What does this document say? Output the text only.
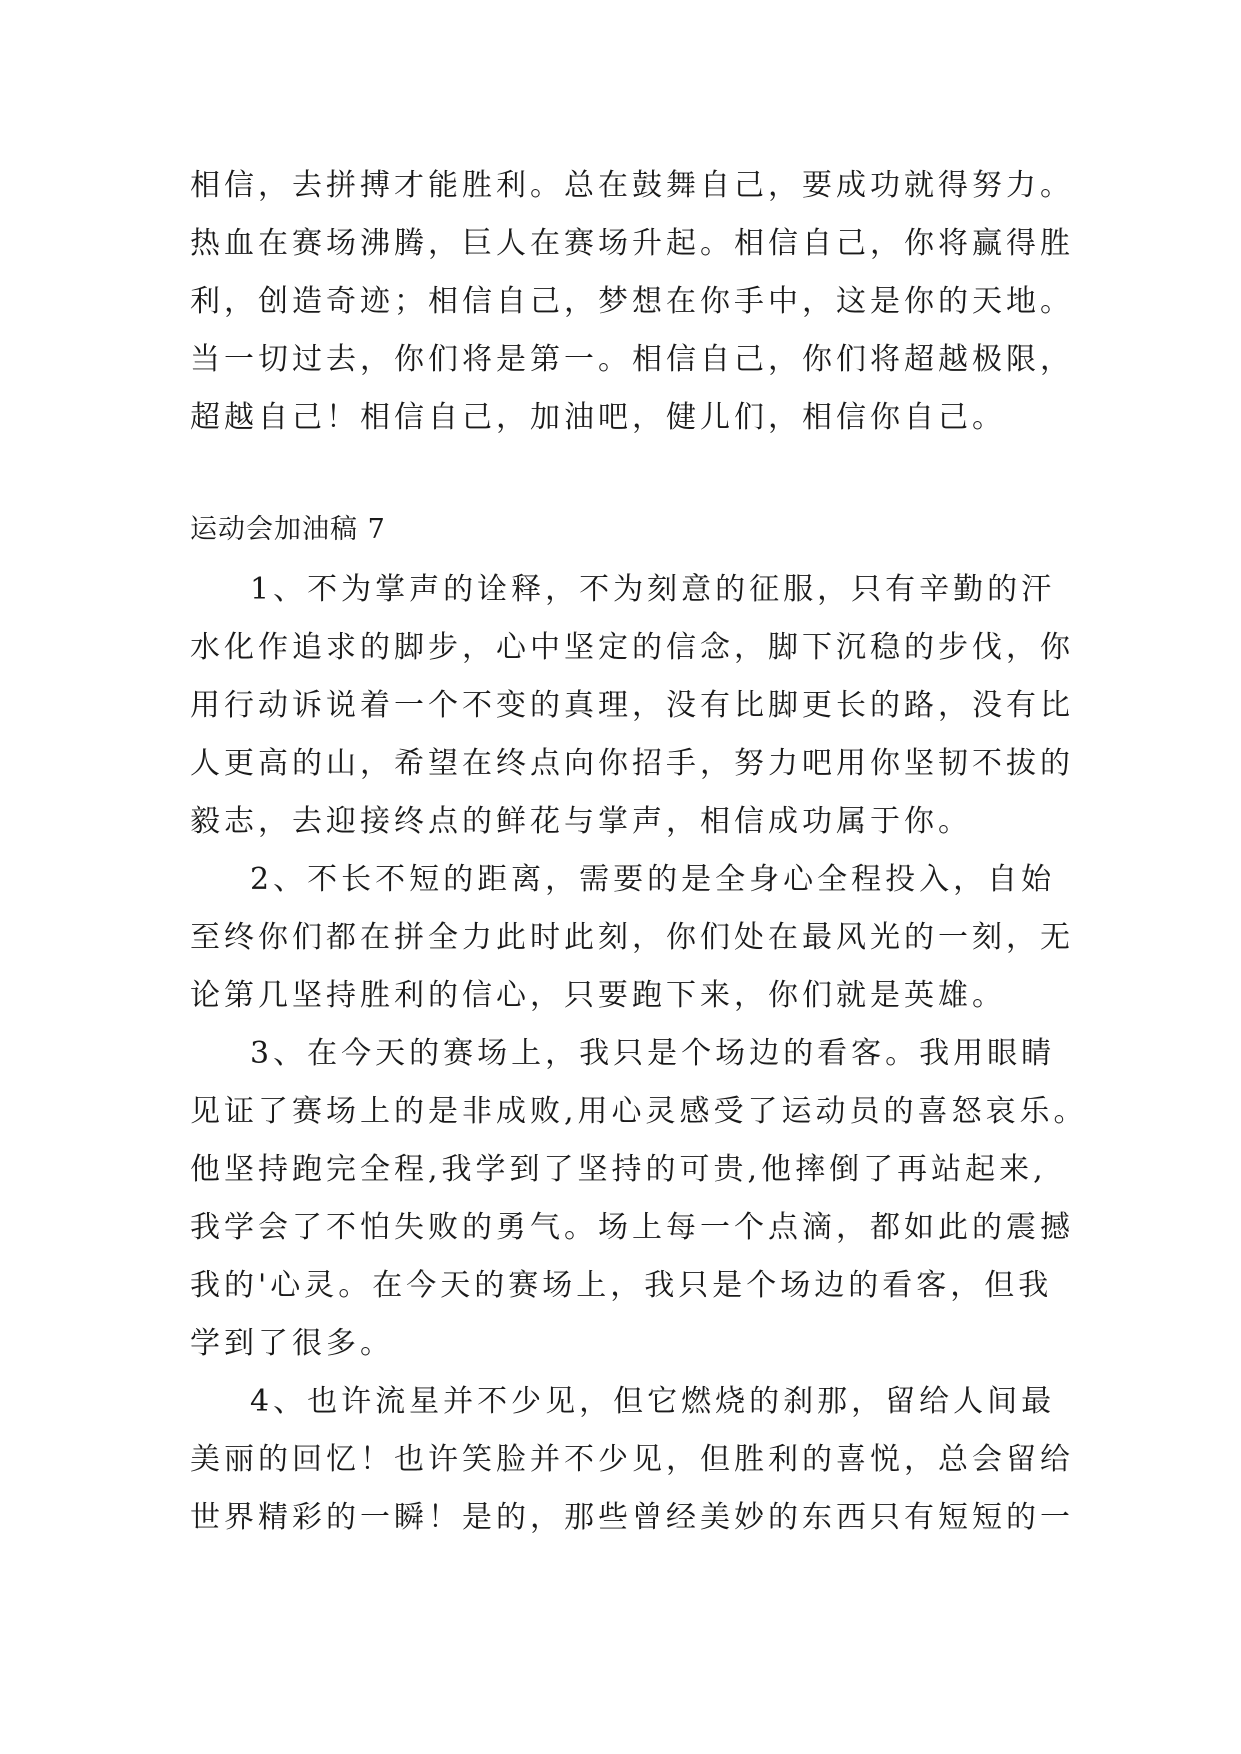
相信，去拼搏才能胜利。总在鼓舞自己，要成功就得努力。
热血在赛场沸腾，巨人在赛场升起。相信自己，你将赢得胜
利，创造奇迹；相信自己，梦想在你手中，这是你的天地。
当一切过去，你们将是第一。相信自己，你们将超越极限，
超越自己！相信自己，加油吧，健儿们，相信你自己。
运动会加油稿 7
1、不为掌声的诠释，不为刻意的征服，只有辛勤的汗
水化作追求的脚步，心中坚定的信念，脚下沉稳的步伐，你
用行动诉说着一个不变的真理，没有比脚更长的路，没有比
人更高的山，希望在终点向你招手，努力吧用你坚韧不拔的
毅志，去迎接终点的鲜花与掌声，相信成功属于你。
2、不长不短的距离，需要的是全身心全程投入，自始
至终你们都在拼全力此时此刻，你们处在最风光的一刻，无
论第几坚持胜利的信心，只要跑下来，你们就是英雄。
3、在今天的赛场上，我只是个场边的看客。我用眼睛
见证了赛场上的是非成败,用心灵感受了运动员的喜怒哀乐。
他坚持跑完全程,我学到了坚持的可贵,他摔倒了再站起来,
我学会了不怕失败的勇气。场上每一个点滴，都如此的震撼
我的'心灵。在今天的赛场上，我只是个场边的看客，但我
学到了很多。
4、也许流星并不少见，但它燃烧的刹那，留给人间最
美丽的回忆！也许笑脸并不少见，但胜利的喜悦，总会留给
世界精彩的一瞬！是的，那些曾经美妙的东西只有短短的一
